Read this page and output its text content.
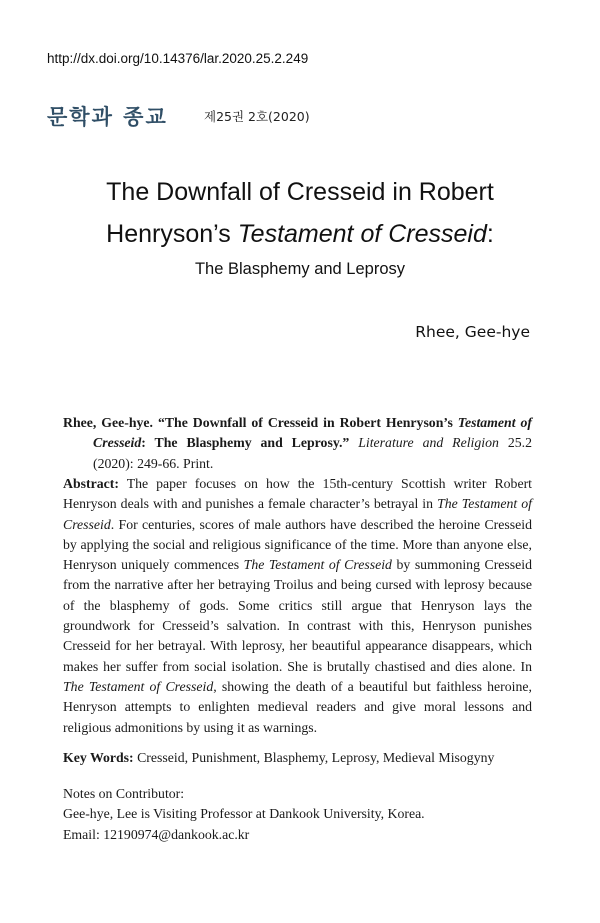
http://dx.doi.org/10.14376/lar.2020.25.2.249
문학과 종교	제25권 2호(2020)
The Downfall of Cresseid in Robert
Henryson’s Testament of Cresseid:
The Blasphemy and Leprosy
Rhee, Gee-hye
Rhee, Gee-hye. “The Downfall of Cresseid in Robert Henryson’s Testament of Cresseid: The Blasphemy and Leprosy.” Literature and Religion 25.2 (2020): 249-66. Print.
Abstract: The paper focuses on how the 15th-century Scottish writer Robert Henryson deals with and punishes a female character’s betrayal in The Testament of Cresseid. For centuries, scores of male authors have described the heroine Cresseid by applying the social and religious significance of the time. More than anyone else, Henryson uniquely commences The Testament of Cresseid by summoning Cresseid from the narrative after her betraying Troilus and being cursed with leprosy because of the blasphemy of gods. Some critics still argue that Henryson lays the groundwork for Cresseid’s salvation. In contrast with this, Henryson punishes Cresseid for her betrayal. With leprosy, her beautiful appearance disappears, which makes her suffer from social isolation. She is brutally chastised and dies alone. In The Testament of Cresseid, showing the death of a beautiful but faithless heroine, Henryson attempts to enlighten medieval readers and give moral lessons and religious admonitions by using it as warnings.
Key Words: Cresseid, Punishment, Blasphemy, Leprosy, Medieval Misogyny
Notes on Contributor:
Gee-hye, Lee is Visiting Professor at Dankook University, Korea.
Email: 12190974@dankook.ac.kr
